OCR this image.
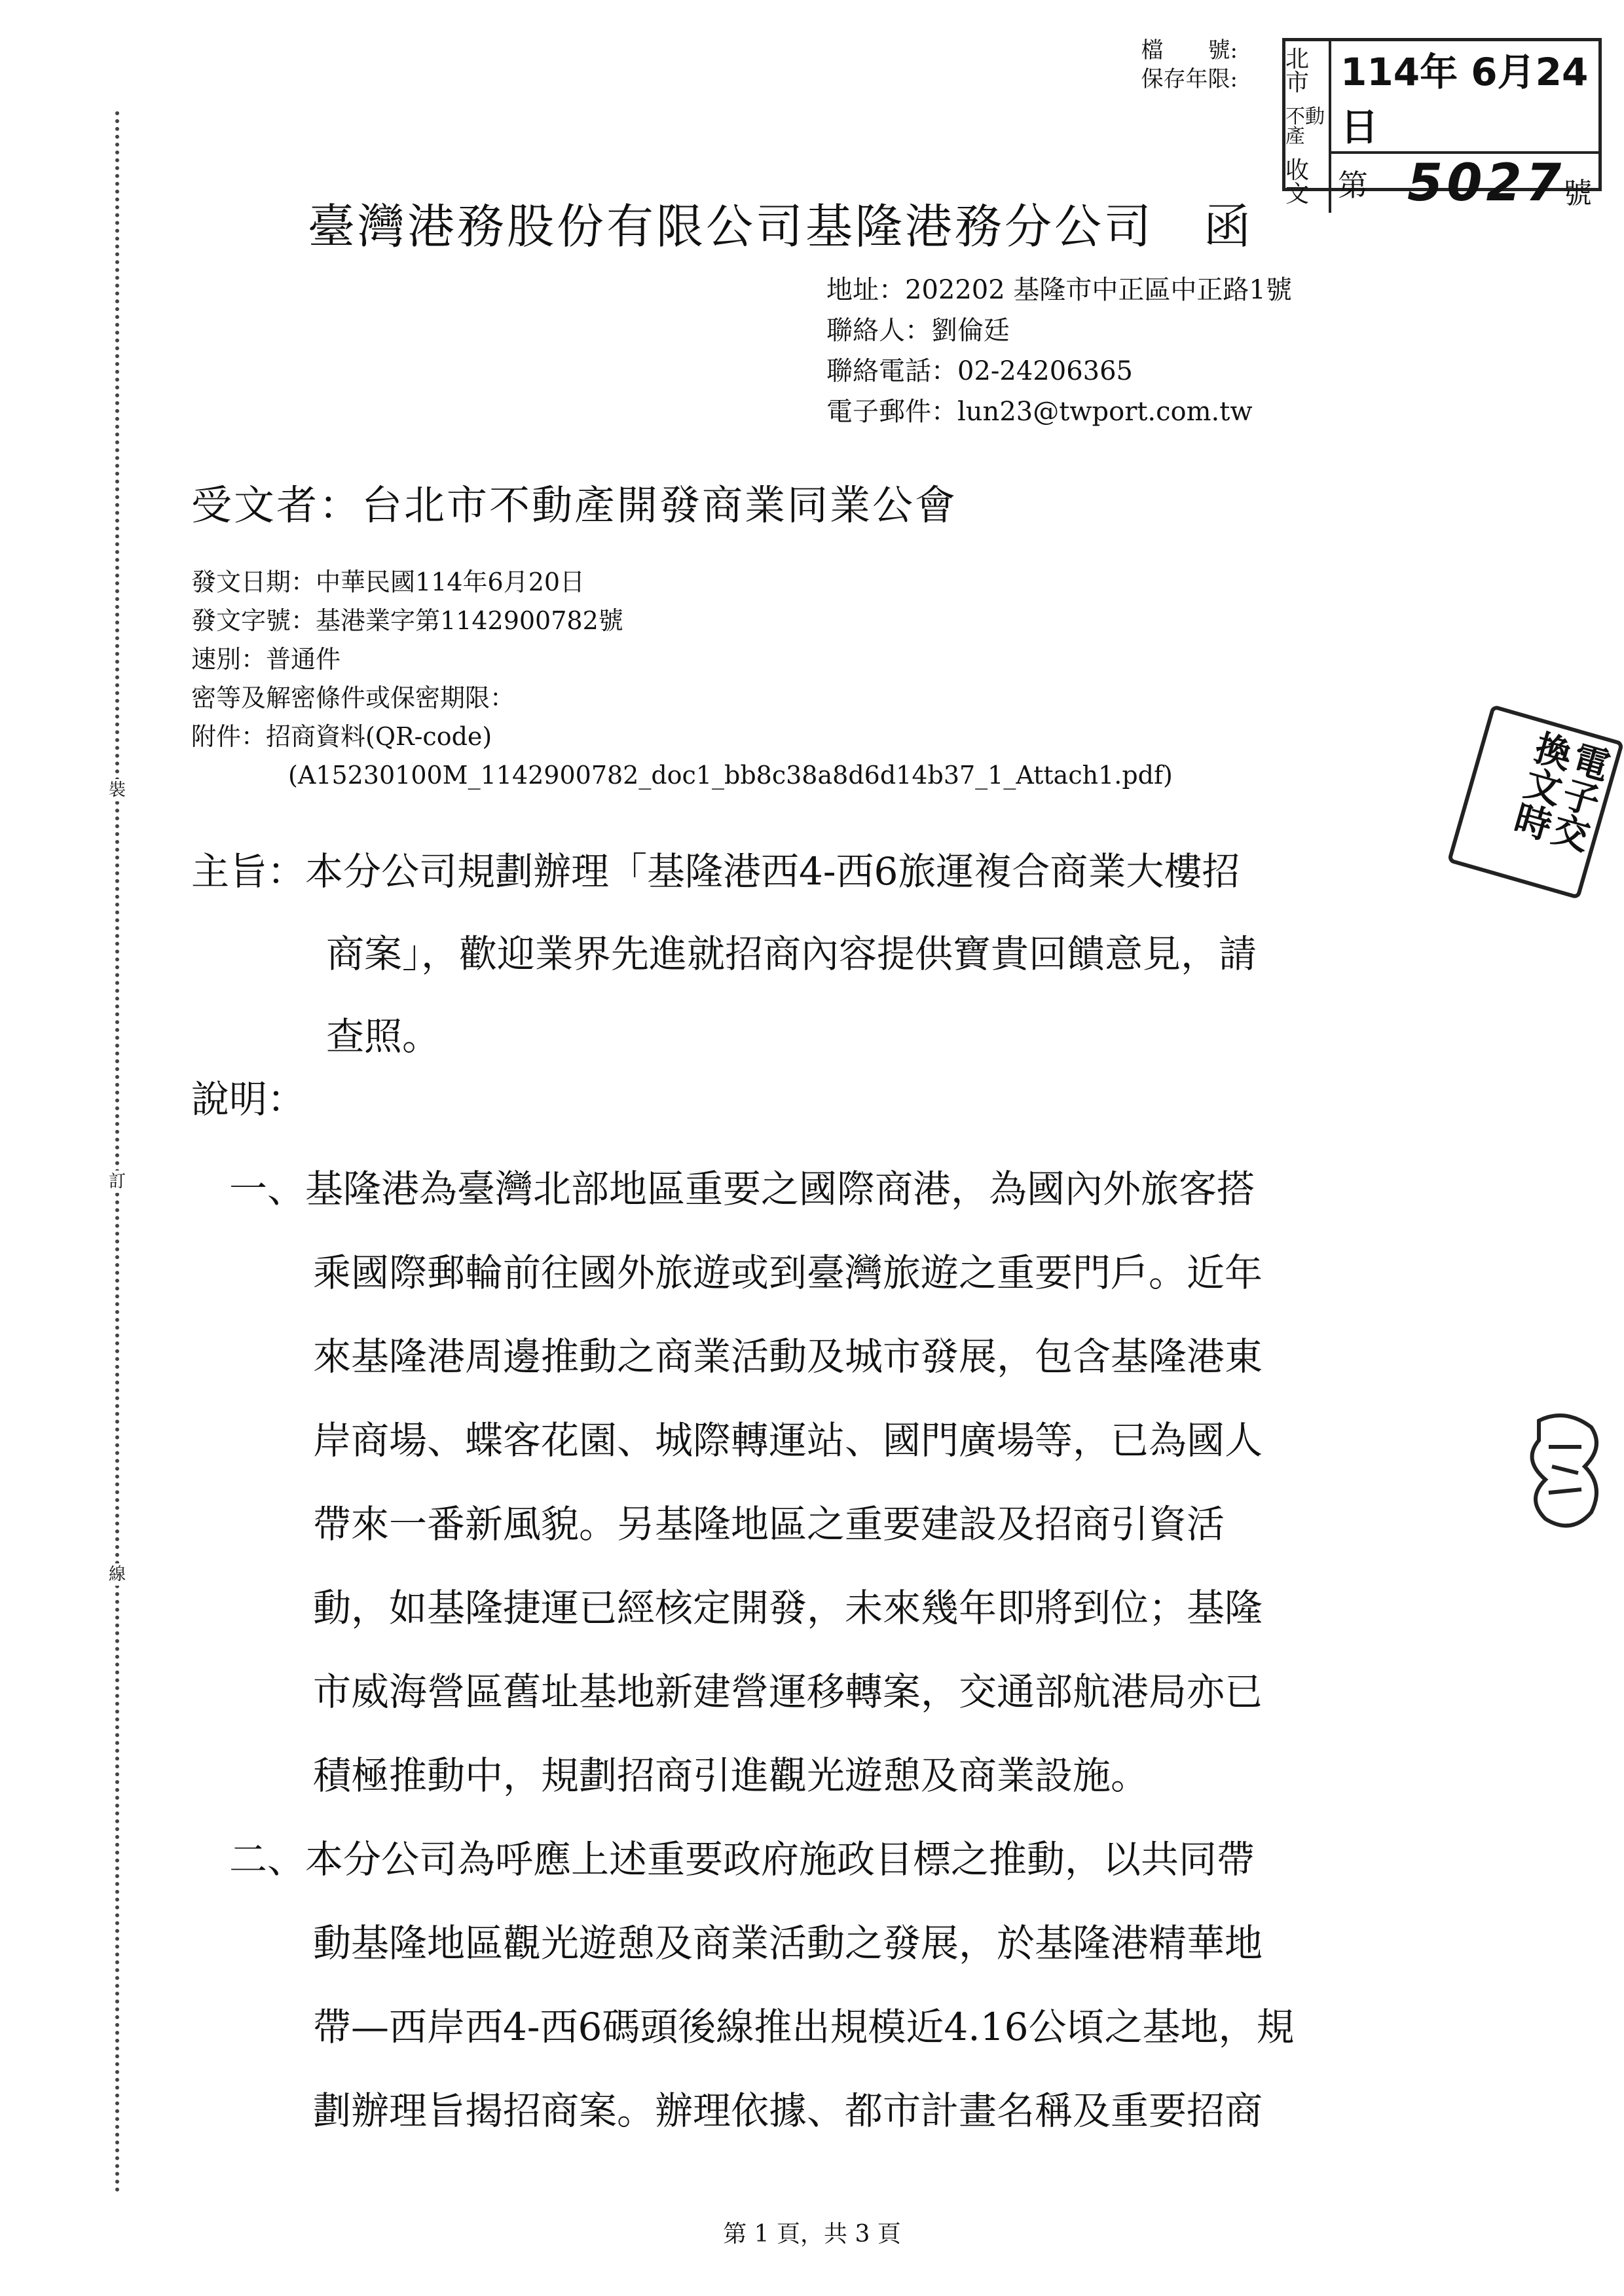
裝
訂
線
檔　　號:
保存年限:
北市
不動產
收文
114年 6月24日
第 5027
號
臺灣港務股份有限公司基隆港務分公司　函
地址：202202 基隆市中正區中正路1號
聯絡人：劉倫廷
聯絡電話：02-24206365
電子郵件：lun23@twport.com.tw
受文者：台北市不動產開發商業同業公會
發文日期：中華民國114年6月20日
發文字號：基港業字第1142900782號
速別：普通件
密等及解密條件或保密期限：
附件：招商資料(QR-code)
(A15230100M_1142900782_doc1_bb8c38a8d6d14b37_1_Attach1.pdf)
主旨：本分公司規劃辦理「基隆港西4-西6旅運複合商業大樓招
商案」，歡迎業界先進就招商內容提供寶貴回饋意見，請
查照。
說明：
一、基隆港為臺灣北部地區重要之國際商港，為國內外旅客搭
乘國際郵輪前往國外旅遊或到臺灣旅遊之重要門戶。近年
來基隆港周邊推動之商業活動及城市發展，包含基隆港東
岸商場、蝶客花園、城際轉運站、國門廣場等，已為國人
帶來一番新風貌。另基隆地區之重要建設及招商引資活
動，如基隆捷運已經核定開發，未來幾年即將到位；基隆
市威海營區舊址基地新建營運移轉案，交通部航港局亦已
積極推動中，規劃招商引進觀光遊憩及商業設施。
二、本分公司為呼應上述重要政府施政目標之推動，以共同帶
動基隆地區觀光遊憩及商業活動之發展，於基隆港精華地
帶—西岸西4-西6碼頭後線推出規模近4.16公頃之基地，規
劃辦理旨揭招商案。辦理依據、都市計畫名稱及重要招商
電子交換文時
第 1 頁，共 3 頁
